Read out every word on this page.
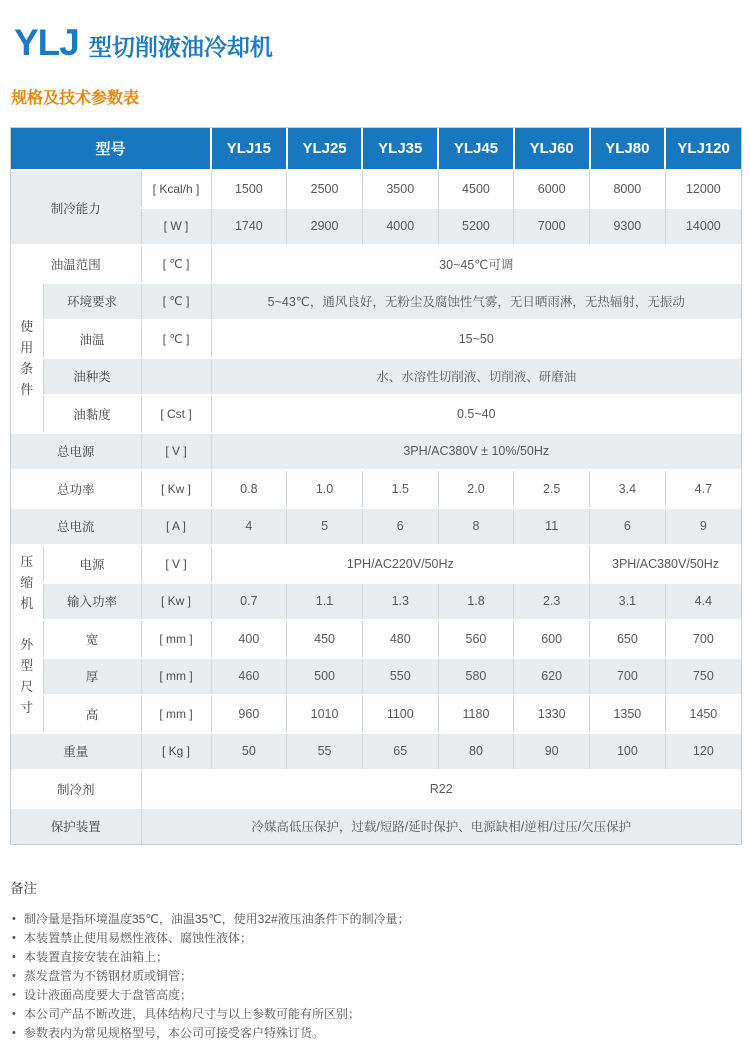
YLJ 型切削液油冷却机
规格及技术参数表
型号			YLJ15	YLJ25	YLJ35	YLJ45	YLJ60	YLJ80	YLJ120
制冷能力		[ Kcal/h ]	1500	2500	3500	4500	6000	8000	12000
		[ W ]	1740	2900	4000	5200	7000	9300	14000
油温范围		[ ℃ ]	30~45℃可调						
使用条件	环境要求	[ ℃ ]	5~43℃，通风良好，无粉尘及腐蚀性气雾，无日晒雨淋，无热辐射，无振动						
	油温	[ ℃ ]	15~50						
	油种类		水、水溶性切削液、切削液、研磨油						
	油黏度	[ Cst ]	0.5~40						
总电源		[ V ]	3PH/AC380V ± 10%/50Hz						
总功率		[ Kw ]	0.8	1.0	1.5	2.0	2.5	3.4	4.7
总电流		[ A ]	4	5	6	8	11	6	9
压缩机	电源	[ V ]	1PH/AC220V/50Hz					3PH/AC380V/50Hz	
	输入功率	[ Kw ]	0.7	1.1	1.3	1.8	2.3	3.1	4.4
外型尺寸	宽	[ mm ]	400	450	480	560	600	650	700
	厚	[ mm ]	460	500	550	580	620	700	750
	高	[ mm ]	960	1010	1100	1180	1330	1350	1450
重量		[ Kg ]	50	55	65	80	90	100	120
制冷剂		R22							
保护装置		冷媒高低压保护，过载/短路/延时保护、电源缺相/逆相/过压/欠压保护							
备注
• 制冷量是指环境温度35℃，油温35℃，使用32#液压油条件下的制冷量；
• 本装置禁止使用易燃性液体、腐蚀性液体；
• 本装置直接安装在油箱上；
• 蒸发盘管为不锈钢材质或铜管；
• 设计液面高度要大于盘管高度；
• 本公司产品不断改进，具体结构尺寸与以上参数可能有所区别；
• 参数表内为常见规格型号，本公司可接受客户特殊订货。
